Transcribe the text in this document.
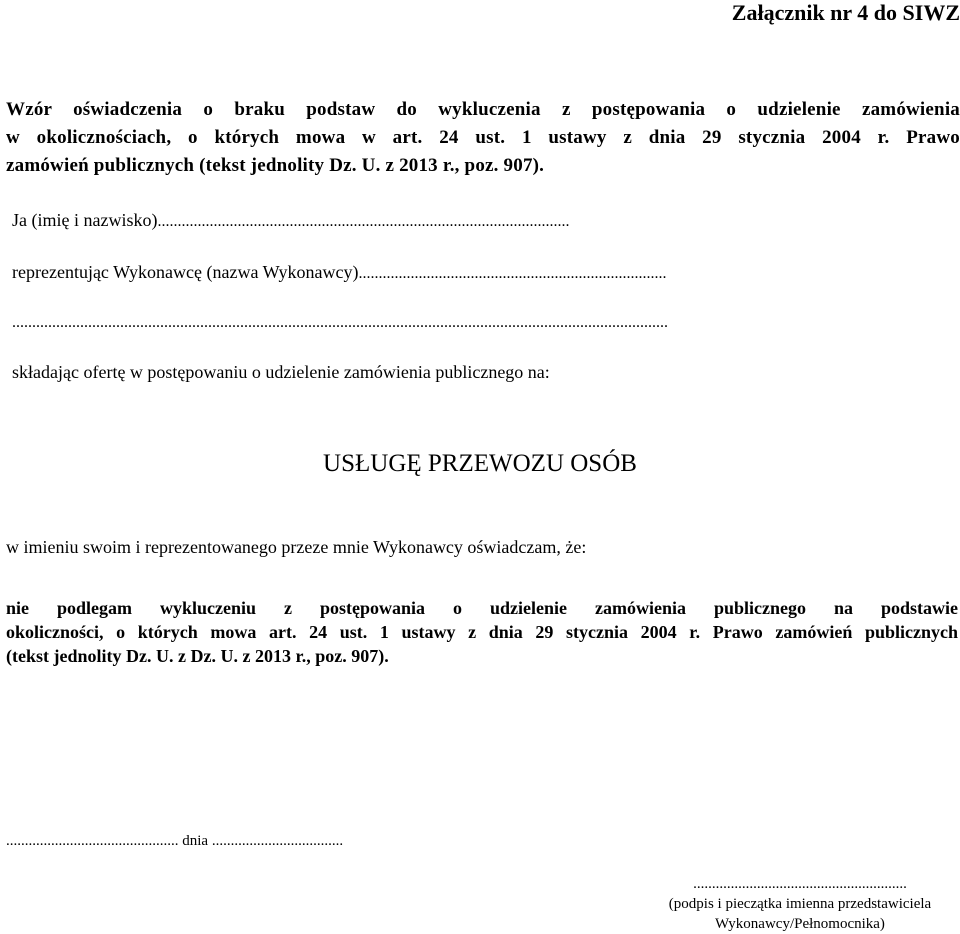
Załącznik nr 4 do SIWZ
Wzór oświadczenia o braku podstaw do wykluczenia z postępowania o udzielenie zamówienia
w okolicznościach, o których mowa w art. 24 ust. 1 ustawy z dnia 29 stycznia 2004 r. Prawo
zamówień publicznych (tekst jednolity Dz. U. z 2013 r., poz. 907).
Ja (imię i nazwisko).......................................................................................................
reprezentując Wykonawcę (nazwa Wykonawcy).............................................................................
....................................................................................................................................................................
składając ofertę w postępowaniu o udzielenie zamówienia publicznego na:
USŁUGĘ PRZEWOZU OSÓB
w imieniu swoim i reprezentowanego przeze mnie Wykonawcy oświadczam, że:
nie podlegam wykluczeniu z postępowania o udzielenie zamówienia publicznego na podstawie
okoliczności, o których mowa art. 24 ust. 1 ustawy z dnia 29 stycznia 2004 r. Prawo zamówień publicznych
(tekst jednolity Dz. U. z Dz. U. z 2013 r., poz. 907).
.............................................. dnia ...................................
.........................................................
(podpis i pieczątka imienna przedstawiciela
Wykonawcy/Pełnomocnika)
